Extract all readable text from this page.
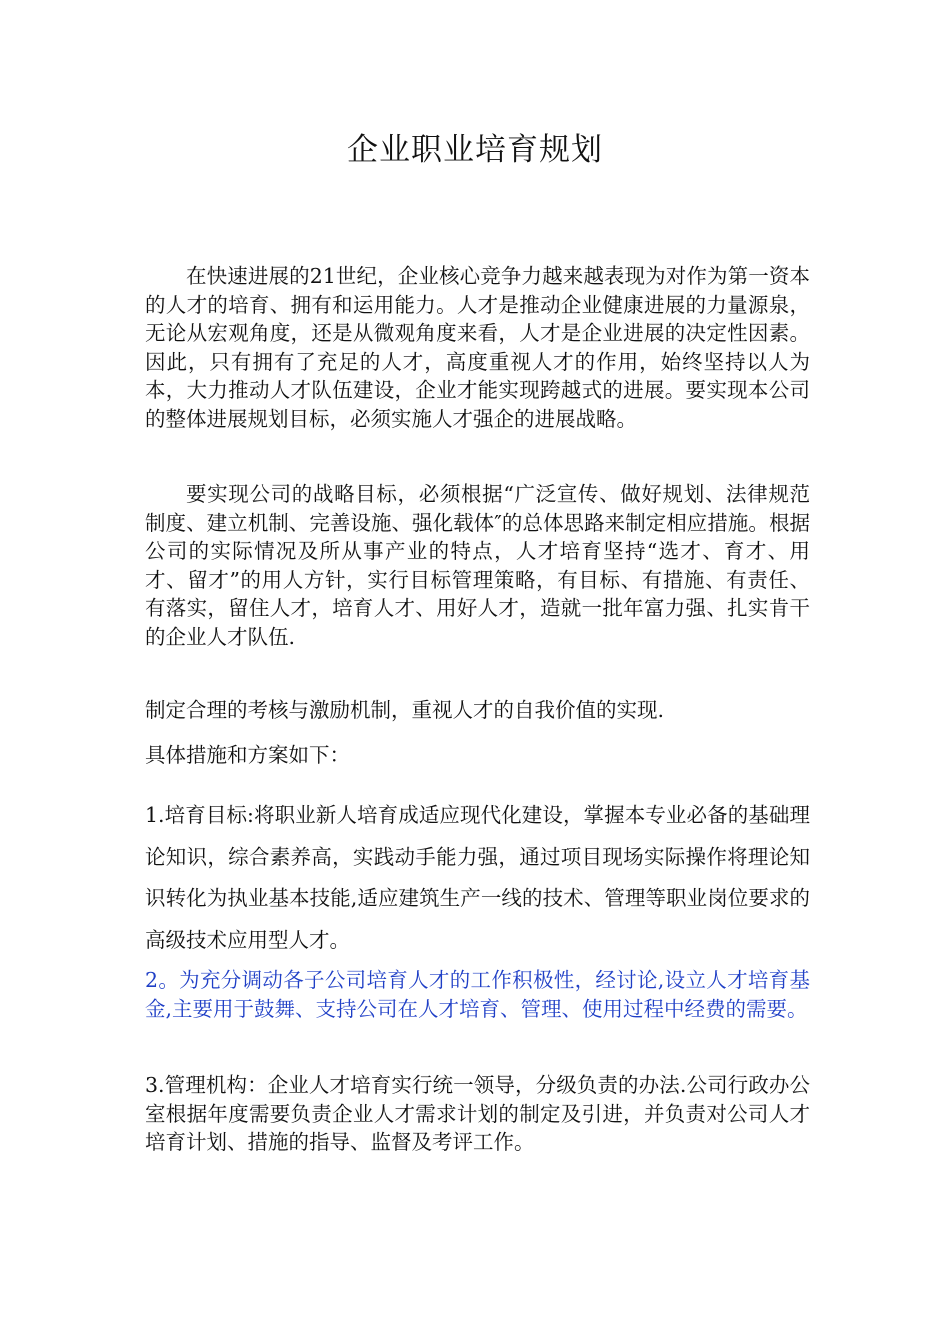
企业职业培育规划

在快速进展的21世纪，企业核心竞争力越来越表现为对作为第一资本的人才的培育、拥有和运用能力。人才是推动企业健康进展的力量源泉，无论从宏观角度，还是从微观角度来看，人才是企业进展的决定性因素。因此，只有拥有了充足的人才，高度重视人才的作用，始终坚持以人为本，大力推动人才队伍建设，企业才能实现跨越式的进展。要实现本公司的整体进展规划目标，必须实施人才强企的进展战略。

要实现公司的战略目标，必须根据“广泛宣传、做好规划、法律规范制度、建立机制、完善设施、强化载体″的总体思路来制定相应措施。根据公司的实际情况及所从事产业的特点，人才培育坚持“选才、育才、用才、留才”的用人方针，实行目标管理策略，有目标、有措施、有责任、有落实，留住人才，培育人才、用好人才，造就一批年富力强、扎实肯干的企业人才队伍.

制定合理的考核与激励机制，重视人才的自我价值的实现.

具体措施和方案如下：

1.培育目标:将职业新人培育成适应现代化建设，掌握本专业必备的基础理论知识，综合素养高，实践动手能力强，通过项目现场实际操作将理论知识转化为执业基本技能,适应建筑生产一线的技术、管理等职业岗位要求的高级技术应用型人才。

2。为充分调动各子公司培育人才的工作积极性，经讨论,设立人才培育基金,主要用于鼓舞、支持公司在人才培育、管理、使用过程中经费的需要。

3.管理机构：企业人才培育实行统一领导，分级负责的办法.公司行政办公室根据年度需要负责企业人才需求计划的制定及引进，并负责对公司人才培育计划、措施的指导、监督及考评工作。
